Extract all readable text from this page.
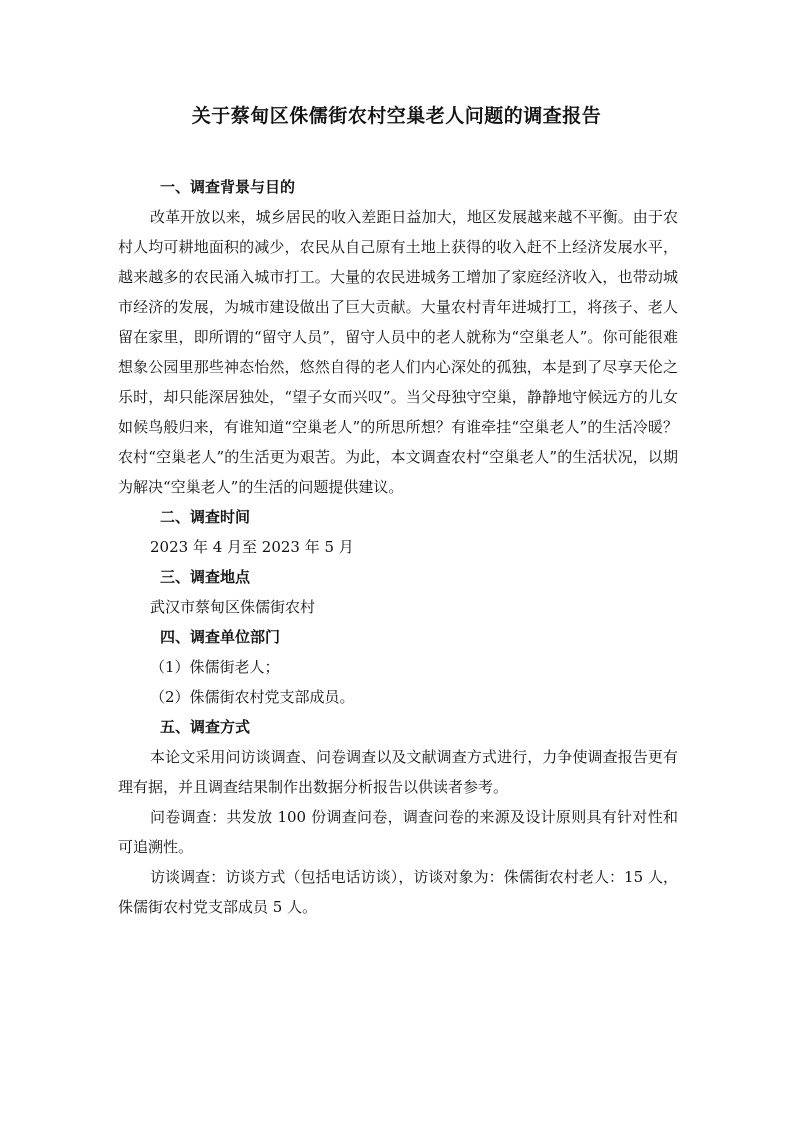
关于蔡甸区侏儒街农村空巢老人问题的调查报告
一、调查背景与目的

改革开放以来，城乡居民的收入差距日益加大，地区发展越来越不平衡。由于农村人均可耕地面积的减少，农民从自己原有土地上获得的收入赶不上经济发展水平，越来越多的农民涌入城市打工。大量的农民进城务工增加了家庭经济收入，也带动城市经济的发展，为城市建设做出了巨大贡献。大量农村青年进城打工，将孩子、老人留在家里，即所谓的“留守人员”，留守人员中的老人就称为“空巢老人”。你可能很难想象公园里那些神态怡然，悠然自得的老人们内心深处的孤独，本是到了尽享天伦之乐时，却只能深居独处，“望子女而兴叹”。当父母独守空巢，静静地守候远方的儿女如候鸟般归来，有谁知道“空巢老人”的所思所想？有谁牵挂“空巢老人”的生活冷暖？农村“空巢老人”的生活更为艰苦。为此，本文调查农村“空巢老人”的生活状况，以期为解决“空巢老人”的生活的问题提供建议。

二、调查时间
2023 年 4 月至 2023 年 5 月
三、调查地点
武汉市蔡甸区侏儒街农村
四、调查单位部门
（1）侏儒街老人；
（2）侏儒街农村党支部成员。
五、调查方式

本论文采用问访谈调查、问卷调查以及文献调查方式进行，力争使调查报告更有理有据，并且调查结果制作出数据分析报告以供读者参考。

问卷调查：共发放 100 份调查问卷，调查问卷的来源及设计原则具有针对性和可追溯性。

访谈调查：访谈方式（包括电话访谈），访谈对象为：侏儒街农村老人：15 人，侏儒街农村党支部成员 5 人。
